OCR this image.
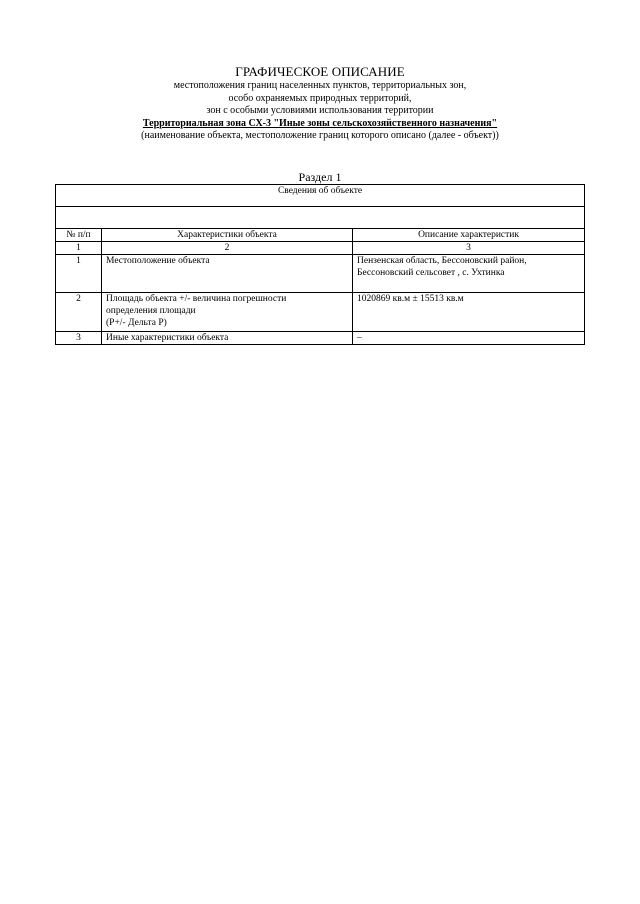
ГРАФИЧЕСКОЕ ОПИСАНИЕ
местоположения границ населенных пунктов, территориальных зон,
особо охраняемых природных территорий,
зон с особыми условиями использования территории
Территориальная зона СХ-3 "Иные зоны сельскохозяйственного назначения"
(наименование объекта, местоположение границ которого описано (далее - объект))
Раздел 1
Сведения об объекте		

№ п/п	Характеристики объекта	Описание характеристик
1	2	3
1	Местоположение объекта	Пензенская область, Бессоновский район,
Бессоновский сельсовет , с. Ухтинка

2	Площадь объекта +/- величина погрешности
определения площади
(P+/- Дельта P)	1020869 кв.м ± 15513 кв.м

3	Иные характеристики объекта	–
